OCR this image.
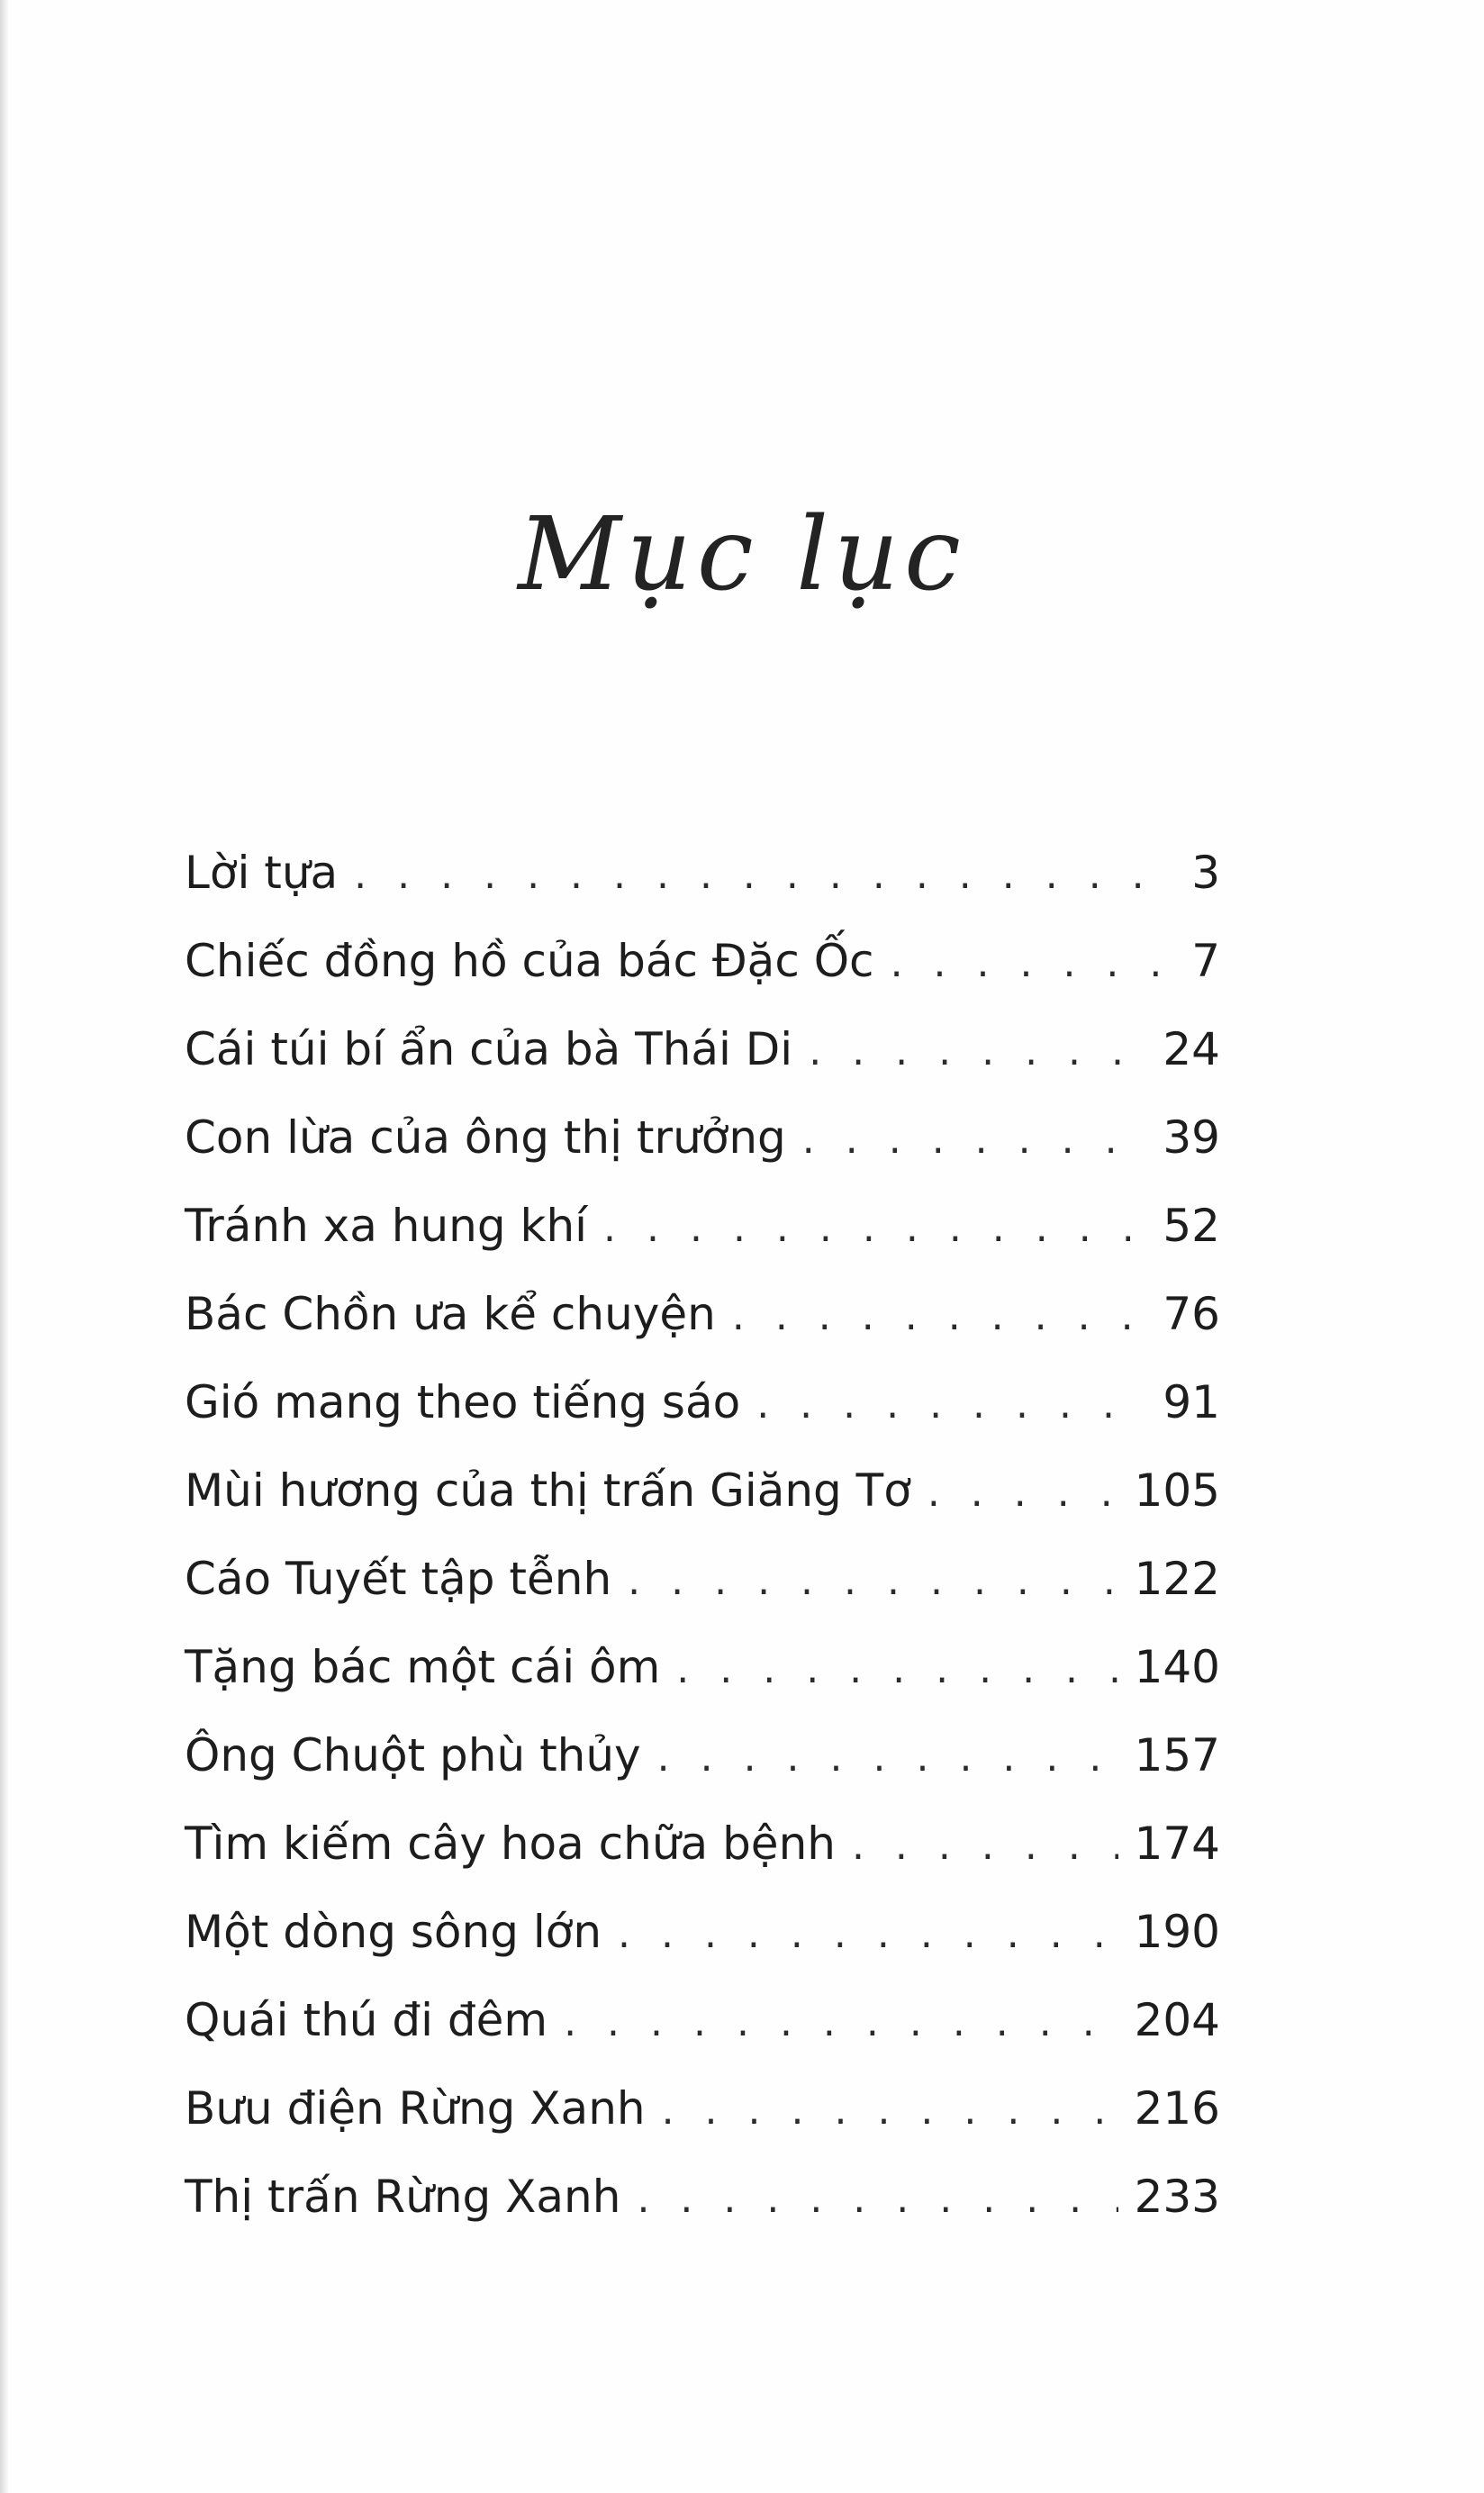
Mục lục
Lời tựa . . .	3
Chiếc đồng hồ của bác Đặc Ốc . . .	7
Cái túi bí ẩn của bà Thái Di . . .	24
Con lừa của ông thị trưởng . . .	39
Tránh xa hung khí . . .	52
Bác Chồn ưa kể chuyện . . .	76
Gió mang theo tiếng sáo . . .	91
Mùi hương của thị trấn Giăng Tơ . . .	105
Cáo Tuyết tập tễnh . . .	122
Tặng bác một cái ôm . . .	140
Ông Chuột phù thủy . . .	157
Tìm kiếm cây hoa chữa bệnh . . .	174
Một dòng sông lớn . . .	190
Quái thú đi đêm . . .	204
Bưu điện Rừng Xanh . . .	216
Thị trấn Rừng Xanh . . .	233
